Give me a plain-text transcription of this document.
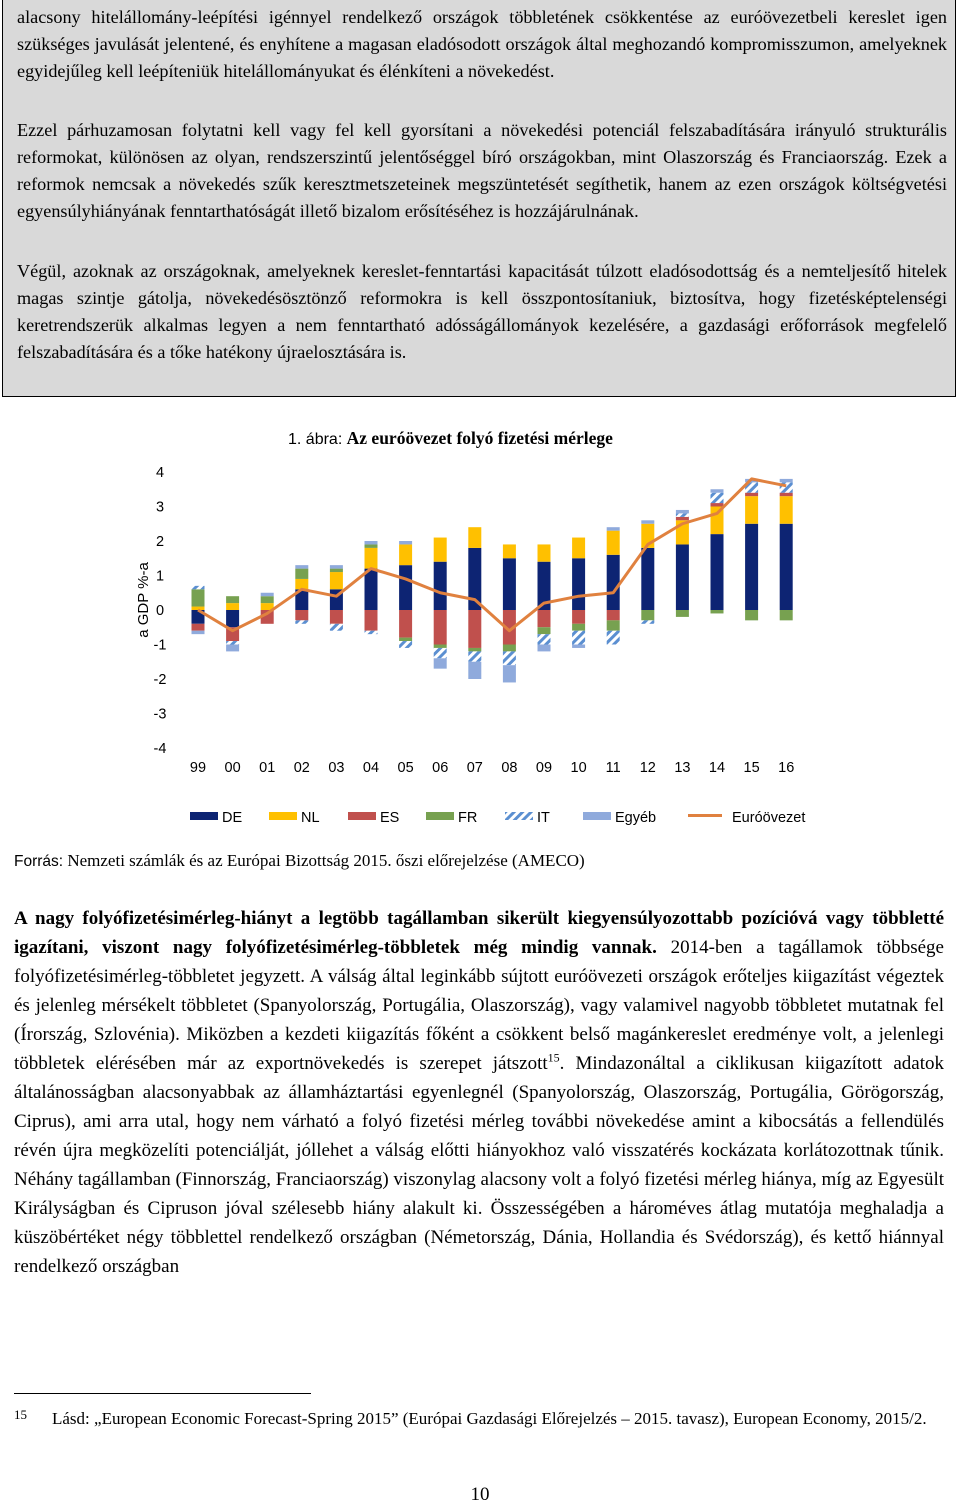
alacsony hitelállomány-leépítési igénnyel rendelkező országok többletének csökkentése az euróövezetbeli kereslet igen szükséges javulását jelentené, és enyhítene a magasan eladósodott országok által meghozandó kompromisszumon, amelyeknek egyidejűleg kell leépíteniük hitelállományukat és élénkíteni a növekedést.

Ezzel párhuzamosan folytatni kell vagy fel kell gyorsítani a növekedési potenciál felszabadítására irányuló strukturális reformokat, különösen az olyan, rendszerszintű jelentőséggel bíró országokban, mint Olaszország és Franciaország. Ezek a reformok nemcsak a növekedés szűk keresztmetszeteinek megszüntetését segíthetik, hanem az ezen országok költségvetési egyensúlyhiányának fenntarthatóságát illető bizalom erősítéséhez is hozzájárulnának.

Végül, azoknak az országoknak, amelyeknek kereslet-fenntartási kapacitását túlzott eladósodottság és a nemteljesítő hitelek magas szintje gátolja, növekedésösztönző reformokra is kell összpontosítaniuk, biztosítva, hogy fizetésképtelenségi keretrendszerük alkalmas legyen a nem fenntartható adósságállományok kezelésére, a gazdasági erőforrások megfelelő felszabadítására és a tőke hatékony újraelosztására is.

1. ábra: Az euróövezet folyó fizetési mérlege
a GDP %-a
4
3
2
1
0
-1
-2
-3
-4
99 00 01 02 03 04 05 06 07 08 09 10 11 12 13 14 15 16
DE	NL	ES	FR	IT	Egyéb	Euróövezet
Forrás: Nemzeti számlák és az Európai Bizottság 2015. őszi előrejelzése (AMECO)

A nagy folyófizetésimérleg-hiányt a legtöbb tagállamban sikerült kiegyensúlyozottabb pozícióvá vagy többletté igazítani, viszont nagy folyófizetésimérleg-többletek még mindig vannak. 2014-ben a tagállamok többsége folyófizetésimérleg-többletet jegyzett. A válság által leginkább sújtott euróövezeti országok erőteljes kiigazítást végeztek és jelenleg mérsékelt többletet (Spanyolország, Portugália, Olaszország), vagy valamivel nagyobb többletet mutatnak fel (Írország, Szlovénia). Miközben a kezdeti kiigazítás főként a csökkent belső magánkereslet eredménye volt, a jelenlegi többletek elérésében már az exportnövekedés is szerepet játszott$^{15}$. Mindazonáltal a ciklikusan kiigazított adatok általánosságban alacsonyabbak az államháztartási egyenlegnél (Spanyolország, Olaszország, Portugália, Görögország, Ciprus), ami arra utal, hogy nem várható a folyó fizetési mérleg további növekedése amint a kibocsátás a fellendülés révén újra megközelíti potenciálját, jóllehet a válság előtti hiányokhoz való visszatérés kockázata korlátozottnak tűnik. Néhány tagállamban (Finnország, Franciaország) viszonylag alacsony volt a folyó fizetési mérleg hiánya, míg az Egyesült Királyságban és Cipruson jóval szélesebb hiány alakult ki. Összességében a hároméves átlag mutatója meghaladja a küszöbértéket négy többlettel rendelkező országban (Németország, Dánia, Hollandia és Svédország), és kettő hiánnyal rendelkező országban

15 Lásd: „European Economic Forecast-Spring 2015” (Európai Gazdasági Előrejelzés – 2015. tavasz), European Economy, 2015/2.

10
